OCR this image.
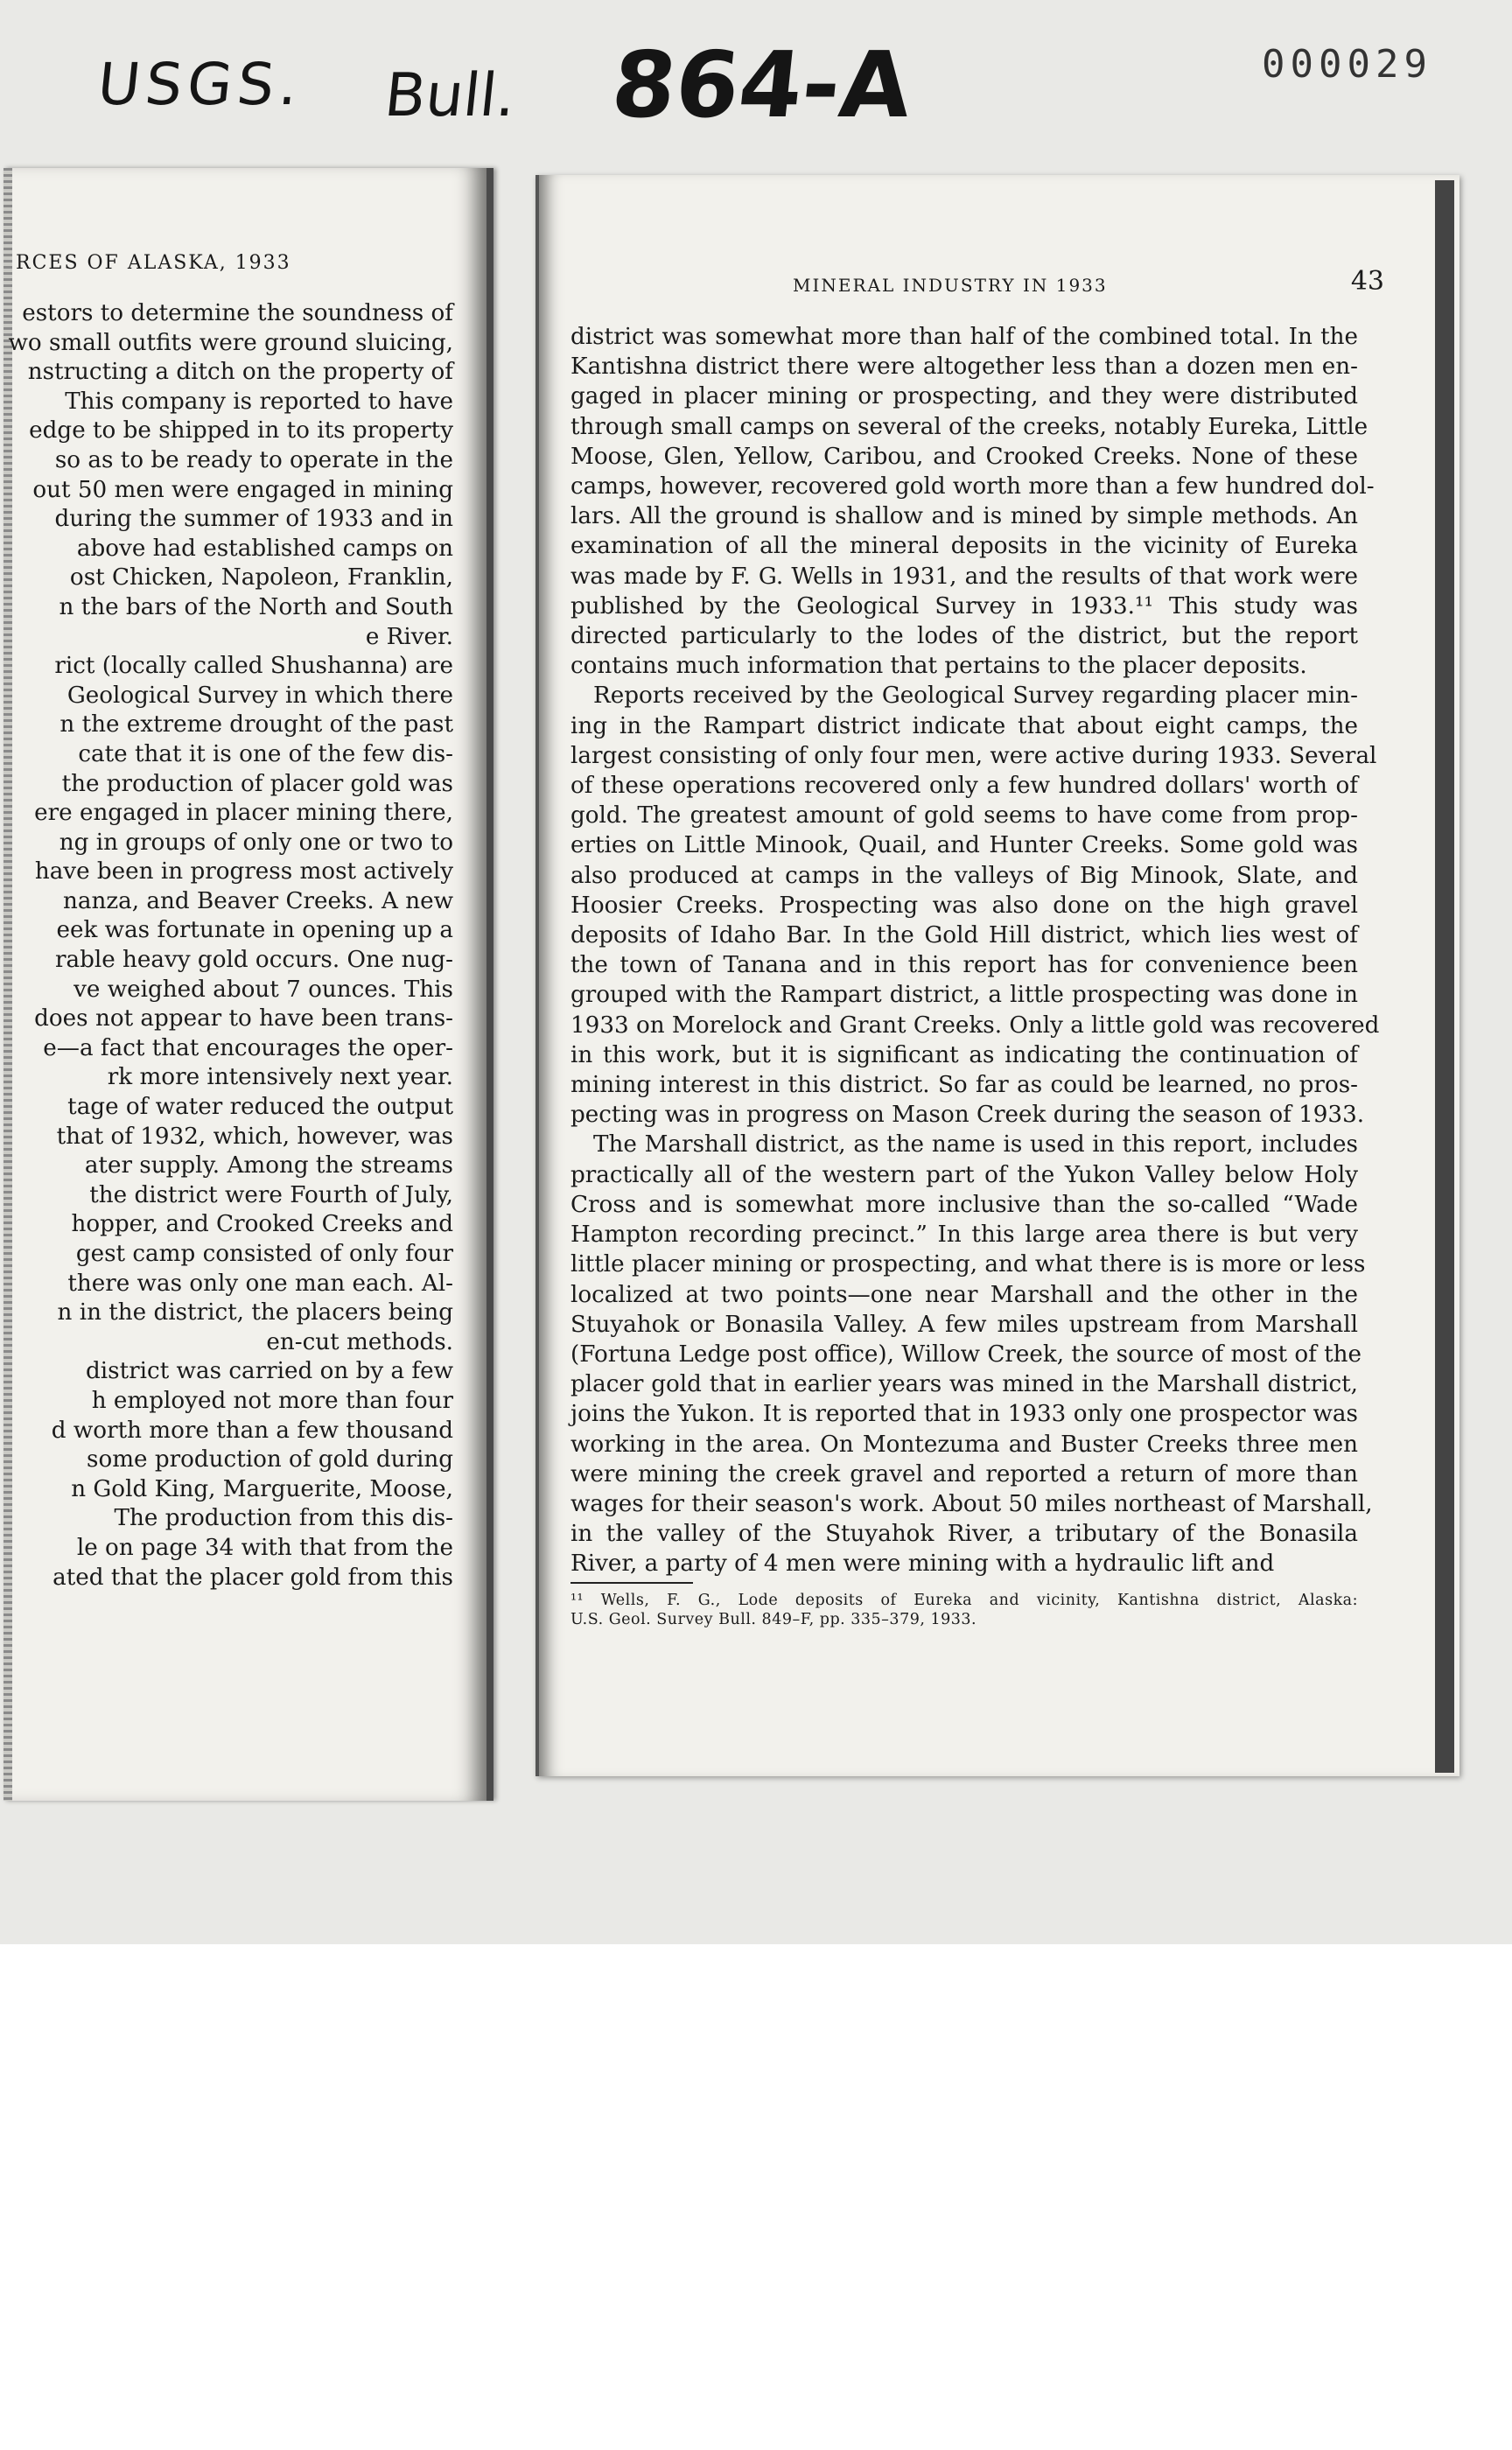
USGS. Bull. 864-A	000029
RCES OF ALASKA, 1933
estors to determine the soundness of
wo small outfits were ground sluicing,
nstructing a ditch on the property of
This company is reported to have
edge to be shipped in to its property
so as to be ready to operate in the
out 50 men were engaged in mining
during the summer of 1933 and in
above had established camps on
ost Chicken, Napoleon, Franklin,
n the bars of the North and South
e River.
rict (locally called Shushanna) are
Geological Survey in which there
n the extreme drought of the past
cate that it is one of the few dis-
the production of placer gold was
ere engaged in placer mining there,
ng in groups of only one or two to
have been in progress most actively
nanza, and Beaver Creeks. A new
eek was fortunate in opening up a
rable heavy gold occurs. One nug-
ve weighed about 7 ounces. This
does not appear to have been trans-
e—a fact that encourages the oper-
rk more intensively next year.
tage of water reduced the output
that of 1932, which, however, was
ater supply. Among the streams
the district were Fourth of July,
hopper, and Crooked Creeks and
gest camp consisted of only four
there was only one man each. Al-
n in the district, the placers being
en-cut methods.
district was carried on by a few
h employed not more than four
d worth more than a few thousand
some production of gold during
n Gold King, Marguerite, Moose,
The production from this dis-
le on page 34 with that from the
ated that the placer gold from this
MINERAL INDUSTRY IN 1933	43
district was somewhat more than half of the combined total. In the
Kantishna district there were altogether less than a dozen men en-
gaged in placer mining or prospecting, and they were distributed
through small camps on several of the creeks, notably Eureka, Little
Moose, Glen, Yellow, Caribou, and Crooked Creeks. None of these
camps, however, recovered gold worth more than a few hundred dol-
lars. All the ground is shallow and is mined by simple methods. An
examination of all the mineral deposits in the vicinity of Eureka
was made by F. G. Wells in 1931, and the results of that work were
published by the Geological Survey in 1933.¹¹ This study was
directed particularly to the lodes of the district, but the report
contains much information that pertains to the placer deposits.
Reports received by the Geological Survey regarding placer min-
ing in the Rampart district indicate that about eight camps, the
largest consisting of only four men, were active during 1933. Several
of these operations recovered only a few hundred dollars' worth of
gold. The greatest amount of gold seems to have come from prop-
erties on Little Minook, Quail, and Hunter Creeks. Some gold was
also produced at camps in the valleys of Big Minook, Slate, and
Hoosier Creeks. Prospecting was also done on the high gravel
deposits of Idaho Bar. In the Gold Hill district, which lies west of
the town of Tanana and in this report has for convenience been
grouped with the Rampart district, a little prospecting was done in
1933 on Morelock and Grant Creeks. Only a little gold was recovered
in this work, but it is significant as indicating the continuation of
mining interest in this district. So far as could be learned, no pros-
pecting was in progress on Mason Creek during the season of 1933.
The Marshall district, as the name is used in this report, includes
practically all of the western part of the Yukon Valley below Holy
Cross and is somewhat more inclusive than the so-called “Wade
Hampton recording precinct.” In this large area there is but very
little placer mining or prospecting, and what there is is more or less
localized at two points—one near Marshall and the other in the
Stuyahok or Bonasila Valley. A few miles upstream from Marshall
(Fortuna Ledge post office), Willow Creek, the source of most of the
placer gold that in earlier years was mined in the Marshall district,
joins the Yukon. It is reported that in 1933 only one prospector was
working in the area. On Montezuma and Buster Creeks three men
were mining the creek gravel and reported a return of more than
wages for their season's work. About 50 miles northeast of Marshall,
in the valley of the Stuyahok River, a tributary of the Bonasila
River, a party of 4 men were mining with a hydraulic lift and
¹¹ Wells, F. G., Lode deposits of Eureka and vicinity, Kantishna district, Alaska:
U.S. Geol. Survey Bull. 849–F, pp. 335–379, 1933.
